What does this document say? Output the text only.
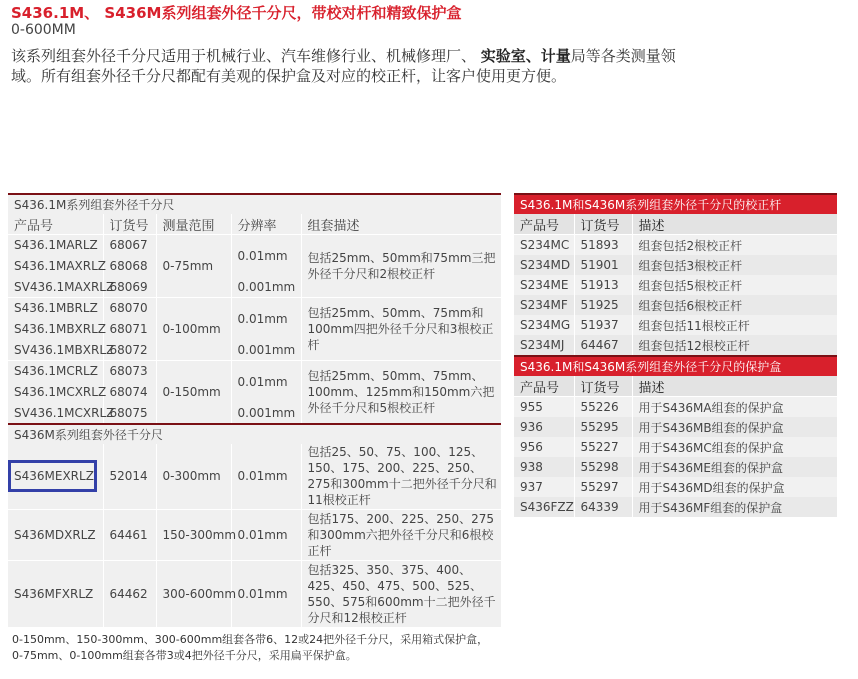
S436.1M、 S436M系列组套外径千分尺，带校对杆和精致保护盒
0-600MM
该系列组套外径千分尺适用于机械行业、汽车维修行业、机械修理厂、 实验室、计量局等各类测量领域。所有组套外径千分尺都配有美观的保护盒及对应的校正杆，让客户使用更方便。
S436.1M系列组套外径千分尺				
产品号	订货号	测量范围	分辨率	组套描述
S436.1MARLZ	68067	0-75mm	0.01mm	包括25mm、50mm和75mm三把外径千分尺和2根校正杆
S436.1MAXRLZ	68068			
SV436.1MAXRLZ	68069		0.001mm	
S436.1MBRLZ	68070	0-100mm	0.01mm	包括25mm、50mm、75mm和100mm四把外径千分尺和3根校正杆
S436.1MBXRLZ	68071			
SV436.1MBXRLZ	68072		0.001mm	
S436.1MCRLZ	68073	0-150mm	0.01mm	包括25mm、50mm、75mm、100mm、125mm和150mm六把外径千分尺和5根校正杆
S436.1MCXRLZ	68074			
SV436.1MCXRLZ	68075		0.001mm	
S436M系列组套外径千分尺				

S436MEXRLZ	52014	0-300mm	0.01mm	包括25、50、75、100、125、150、175、200、225、250、275和300mm十二把外径千分尺和11根校正杆
S436MDXRLZ	64461	150-300mm	0.01mm	包括175、200、225、250、275和300mm六把外径千分尺和6根校正杆
S436MFXRLZ	64462	300-600mm	0.01mm	包括325、350、375、400、425、450、475、500、525、550、575和600mm十二把外径千分尺和12根校正杆
S436.1M和S436M系列组套外径千分尺的校正杆		
产品号	订货号	描述
S234MC	51893	组套包括2根校正杆
S234MD	51901	组套包括3根校正杆
S234ME	51913	组套包括5根校正杆
S234MF	51925	组套包括6根校正杆
S234MG	51937	组套包括11根校正杆
S234MJ	64467	组套包括12根校正杆
S436.1M和S436M系列组套外径千分尺的保护盒		
产品号	订货号	描述
955	55226	用于S436MA组套的保护盒
936	55295	用于S436MB组套的保护盒
956	55227	用于S436MC组套的保护盒
938	55298	用于S436ME组套的保护盒
937	55297	用于S436MD组套的保护盒
S436FZZ	64339	用于S436MF组套的保护盒
0-150mm、150-300mm、300-600mm组套各带6、12或24把外径千分尺，采用箱式保护盒，
0-75mm、0-100mm组套各带3或4把外径千分尺，采用扁平保护盒。
